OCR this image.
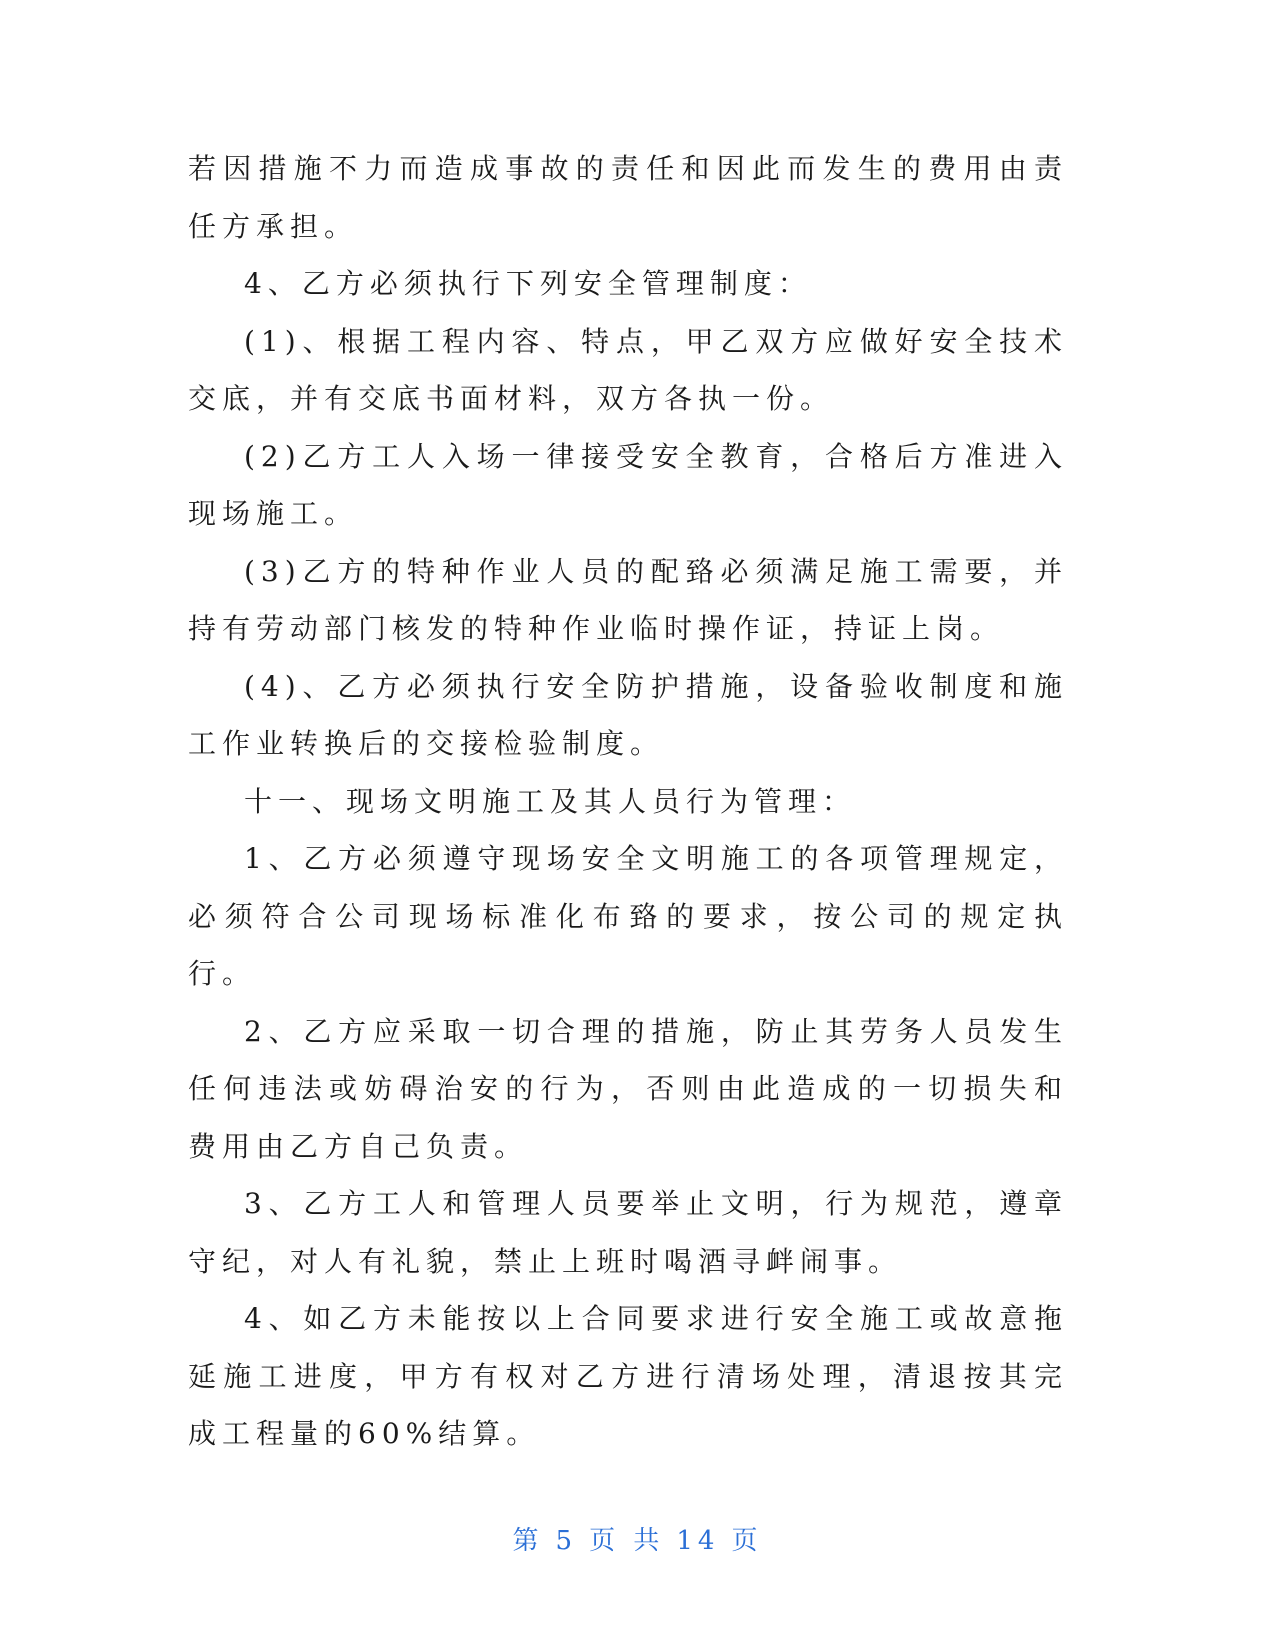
若因措施不力而造成事故的责任和因此而发生的费用由责任方承担。

4、乙方必须执行下列安全管理制度：

(1)、根据工程内容、特点，甲乙双方应做好安全技术交底，并有交底书面材料，双方各执一份。

(2)乙方工人入场一律接受安全教育，合格后方准进入现场施工。

(3)乙方的特种作业人员的配臵必须满足施工需要，并持有劳动部门核发的特种作业临时操作证，持证上岗。

(4)、乙方必须执行安全防护措施，设备验收制度和施工作业转换后的交接检验制度。

十一、现场文明施工及其人员行为管理：

1、乙方必须遵守现场安全文明施工的各项管理规定，必须符合公司现场标准化布臵的要求，按公司的规定执行。

2、乙方应采取一切合理的措施，防止其劳务人员发生任何违法或妨碍治安的行为，否则由此造成的一切损失和费用由乙方自己负责。

3、乙方工人和管理人员要举止文明，行为规范，遵章守纪，对人有礼貌，禁止上班时喝酒寻衅闹事。

4、如乙方未能按以上合同要求进行安全施工或故意拖延施工进度，甲方有权对乙方进行清场处理，清退按其完成工程量的60%结算。

第 5 页 共 14 页
